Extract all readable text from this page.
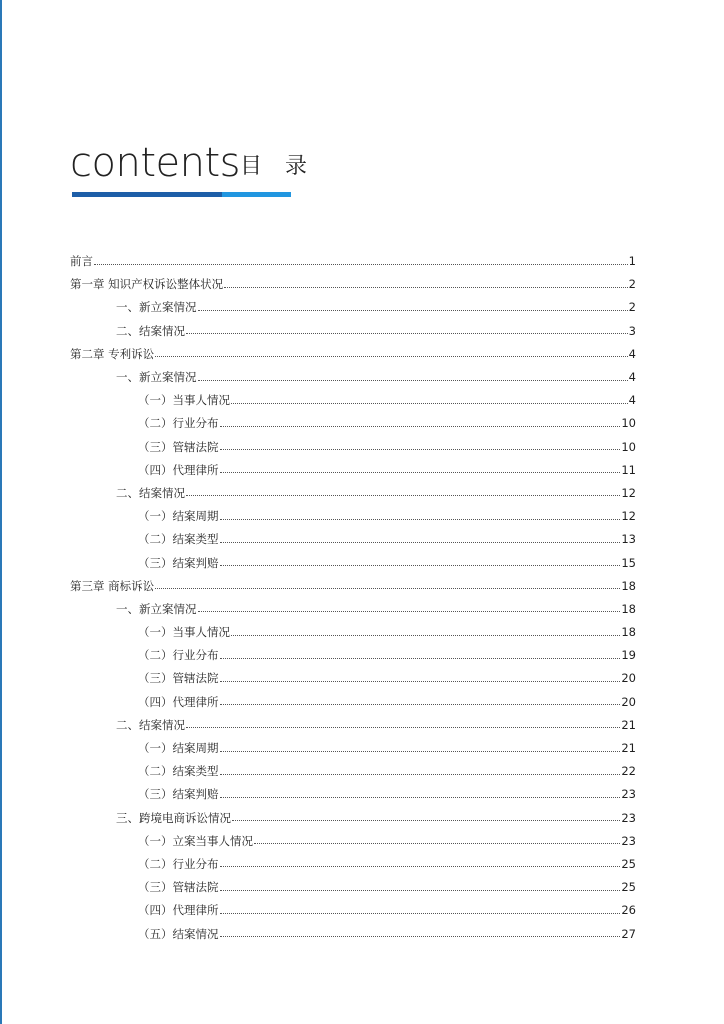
contents 目 录
前言	1
第一章 知识产权诉讼整体状况	2
一、新立案情况	2
二、结案情况	3
第二章 专利诉讼	4
一、新立案情况	4
（一）当事人情况	4
（二）行业分布	10
（三）管辖法院	10
（四）代理律所	11
二、结案情况	12
（一）结案周期	12
（二）结案类型	13
（三）结案判赔	15
第三章 商标诉讼	18
一、新立案情况	18
（一）当事人情况	18
（二）行业分布	19
（三）管辖法院	20
（四）代理律所	20
二、结案情况	21
（一）结案周期	21
（二）结案类型	22
（三）结案判赔	23
三、跨境电商诉讼情况	23
（一）立案当事人情况	23
（二）行业分布	25
（三）管辖法院	25
（四）代理律所	26
（五）结案情况	27
